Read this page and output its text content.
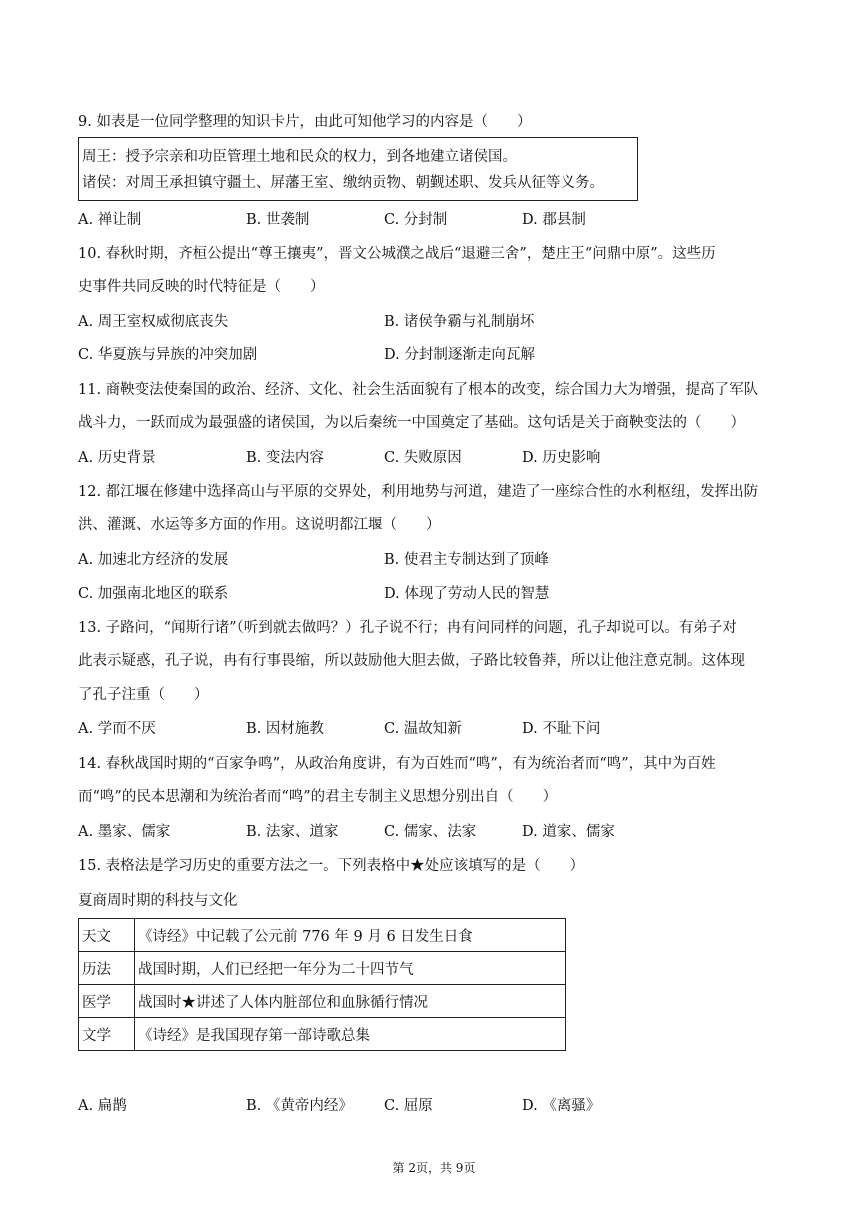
9. 如表是一位同学整理的知识卡片，由此可知他学习的内容是（　　）
周王：授予宗亲和功臣管理土地和民众的权力，到各地建立诸侯国。
诸侯：对周王承担镇守疆土、屏藩王室、缴纳贡物、朝觐述职、发兵从征等义务。
A. 禅让制	B. 世袭制	C. 分封制	D. 郡县制
10. 春秋时期，齐桓公提出“尊王攘夷”，晋文公城濮之战后“退避三舍”，楚庄王“问鼎中原”。这些历
史事件共同反映的时代特征是（　　）
A. 周王室权威彻底丧失	B. 诸侯争霸与礼制崩坏
C. 华夏族与异族的冲突加剧	D. 分封制逐渐走向瓦解
11. 商鞅变法使秦国的政治、经济、文化、社会生活面貌有了根本的改变，综合国力大为增强，提高了军队
战斗力，一跃而成为最强盛的诸侯国，为以后秦统一中国奠定了基础。这句话是关于商鞅变法的（　　）
A. 历史背景	B. 变法内容	C. 失败原因	D. 历史影响
12. 都江堰在修建中选择高山与平原的交界处，利用地势与河道，建造了一座综合性的水利枢纽，发挥出防
洪、灌溉、水运等多方面的作用。这说明都江堰（　　）
A. 加速北方经济的发展	B. 使君主专制达到了顶峰
C. 加强南北地区的联系	D. 体现了劳动人民的智慧
13. 子路问，“闻斯行诸”（听到就去做吗？）孔子说不行；冉有问同样的问题，孔子却说可以。有弟子对
此表示疑惑，孔子说，冉有行事畏缩，所以鼓励他大胆去做，子路比较鲁莽，所以让他注意克制。这体现
了孔子注重（　　）
A. 学而不厌	B. 因材施教	C. 温故知新	D. 不耻下问
14. 春秋战国时期的“百家争鸣”，从政治角度讲，有为百姓而“鸣”，有为统治者而“鸣”，其中为百姓
而“鸣”的民本思潮和为统治者而“鸣”的君主专制主义思想分别出自（　　）
A. 墨家、儒家	B. 法家、道家	C. 儒家、法家	D. 道家、儒家
15. 表格法是学习历史的重要方法之一。下列表格中★处应该填写的是（　　）
夏商周时期的科技与文化
天文	《诗经》中记载了公元前 776 年 9 月 6 日发生日食
历法	战国时期，人们已经把一年分为二十四节气
医学	战国时★讲述了人体内脏部位和血脉循行情况
文学	《诗经》是我国现存第一部诗歌总集
A. 扁鹊	B. 《黄帝内经》 C. 屈原	D. 《离骚》
第 2页，共 9页
